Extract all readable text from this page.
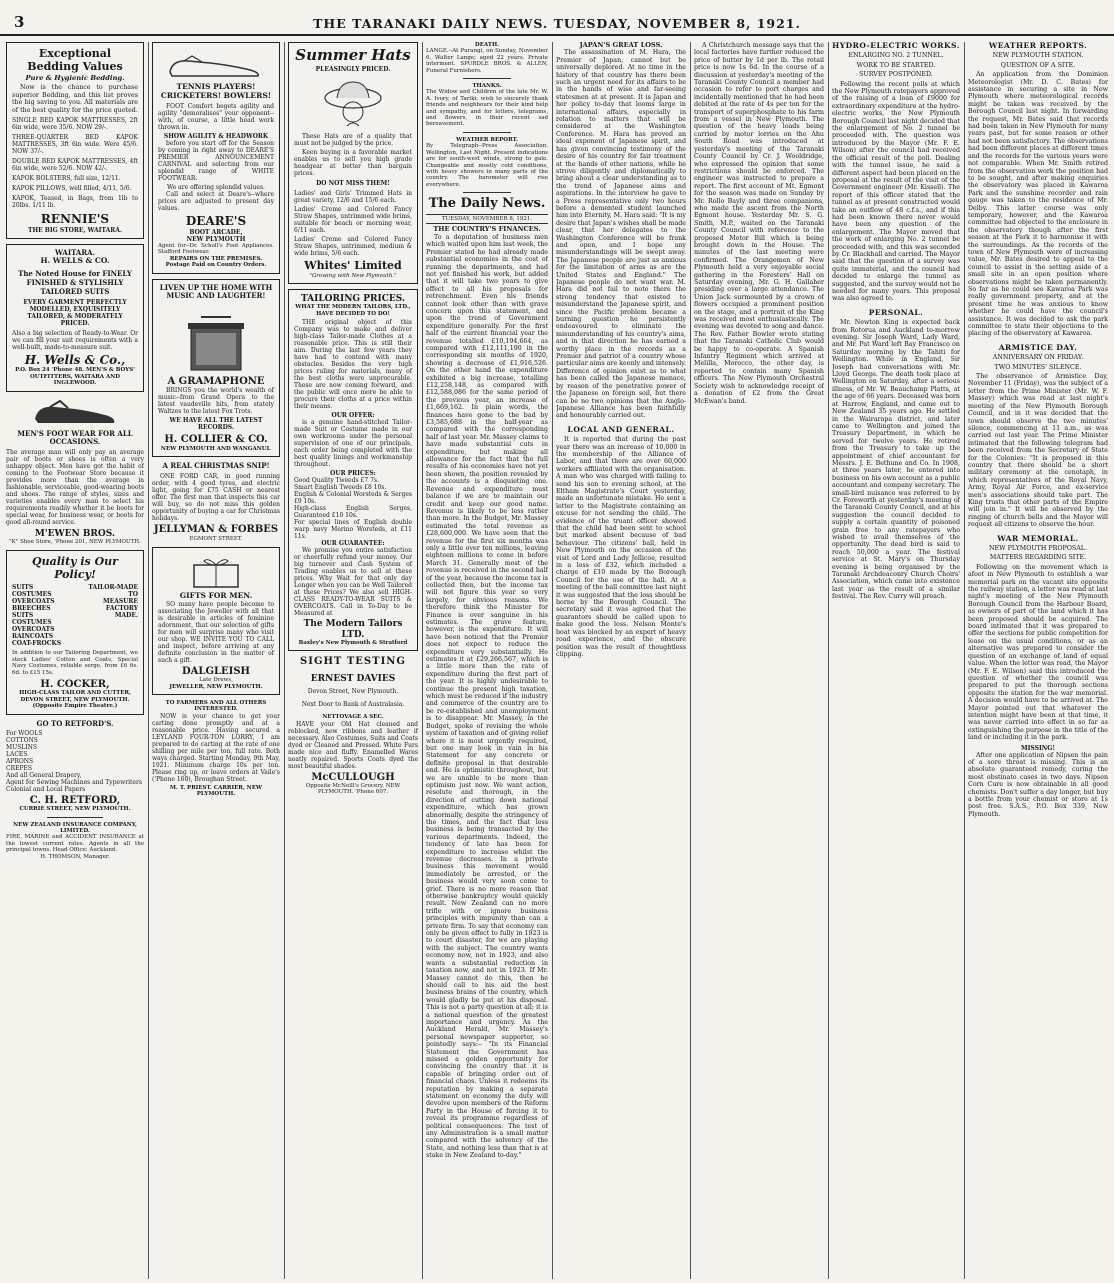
3	THE TARANAKI DAILY NEWS. TUESDAY, NOVEMBER 8, 1921.
Exceptional Bedding Values
Pure & Hygienic Bedding.
Now is the chance to purchase superior Bedding, and this list proves the big saving to you. All materials are of the best quality for the price quoted.
SINGLE BED KAPOK MATTRESSES, 2ft 6in wide, were 35/6. NOW 29/-.
THREE-QUARTER BED KAPOK MATTRESSES, 3ft 6in wide. Were 45/6. NOW 37/-.
DOUBLE BED KAPOK MATTRESSES, 4ft 6in wide, were 52/6. NOW 42/-.
KAPOK BOLSTERS, full size, 12/11.
KAPOK PILLOWS, well filled, 4/11, 5/6.
KAPOK, Teased, in Bags, from 1lb to 20lbs. 1/11 lb.
RENNIE'S
THE BIG STORE, WAITARA.
WAITARA.
H. WELLS & CO.
The Noted House for FINELY FINISHED & STYLISHLY TAILORED SUITS
EVERY GARMENT PERFECTLY MODELLED, EXQUISITELY TAILORED, & MODERATELY PRICED.
Also a big selection of Ready-to-Wear. Or we can fill your suit requirements with a well-built, made-to-measure suit.
H. Wells & Co.,
P.O. Box 24 'Phone 48. MEN'S & BOYS' OUTFITTERS, WAITARA AND INGLEWOOD.
MEN'S FOOT WEAR FOR ALL OCCASIONS.
The average man will only pay an average pair of boots or shoes is often a very unhappy object. Men have got the habit of coming to the Footwear Store because it provides more than the average in fashionable, serviceable, good-wearing boots and shoes. The range of styles, sizes and varieties enables every man to select his requirements readily whether it be boots for special wear, for business wear, or boots for good all-round service.
M'EWEN BROS.
"K" Shoe Store, 'Phone 201, NEW PLYMOUTH.
Quality is Our Policy!
SUITS
COSTUMES
OVERCOATS
BREECHES
SUITS
COSTUMES
OVERCOATS
RAINCOATS
COAT-FROCKS
TAILOR-MADE
TO
MEASURE
FACTORY
MADE.
In addition to our Tailoring Department, we stock Ladies' Cotton and Coats, Special Navy Costumes, reliable serge, from £6 6s. 6d. to £15 15s.
H. COCKER,
HIGH-CLASS TAILOR AND CUTTER, DEVON STREET, NEW PLYMOUTH. (Opposite Empire Theatre.)
GO TO RETFORD'S.
For WOOLS
COTTONS
MUSLINS
LACES
APRONS
CREPES
And all General Drapery,
Agent for Sewing Machines and Typewriters
Colonial and Local Papers
C. H. RETFORD,
CURRIE STREET, NEW PLYMOUTH.
NEW ZEALAND INSURANCE COMPANY, LIMITED.
FIRE, MARINE and ACCIDENT INSURANCE at the lowest current rates. Agents in all the principal towns. Head Office: Auckland.
H. THOMSON, Manager.
TENNIS PLAYERS! CRICKETERS! BOWLERS!
FOOT Comfort begets agility and agility "demoralises" your opponent--with, of course, a little head work thrown in.
SHOW AGILITY & HEADWORK
before you start off for the Season by coming in right away to DEARE'S PREMIER ANNOUNCEMENT CARNIVAL and selecting from our splendid range of WHITE FOOTWEAR.
We are offering splendid values.
Call and select at Deare's--where prices are adjusted to present day values.
DEARE'S
BOOT ARCADE,
NEW PLYMOUTH
Agent for--Dr. Scholl's Foot Appliances. Stafford Footwear.
REPAIRS ON THE PREMISES. Postage Paid on Country Orders.
LIVEN UP THE HOME WITH MUSIC AND LAUGHTER!
A GRAMAPHONE
BRINGS you the world's wealth of music--from Grand Opera to the latest vaudeville hits, from stately Waltzes to the latest Fox Trots.
WE HAVE ALL THE LATEST RECORDS.
H. COLLIER & CO.
NEW PLYMOUTH AND WANGANUI.
A REAL CHRISTMAS SNIP!
ONE FORD CAR, in good running order, with 4 good tyres, and electric light, going for £75 CASH or nearest offer. The first man that inspects this car will buy, so do not miss this golden opportunity of buying a car for Christmas holidays.
JELLYMAN & FORBES
EGMONT STREET.
GIFTS FOR MEN.
SO many have people become to associating the Jeweller with all that is desirable in articles of feminine adornment, that our selection of gifts for men will surprise many who visit our shop. WE INVITE YOU TO CALL and inspect, before arriving at any definite conclusion in the matter of such a gift.
DALGLEISH
Late Drews,
JEWELLER, NEW PLYMOUTH.
TO FARMERS AND ALL OTHERS INTERESTED.
NOW is your chance to get your carting done promptly and at a reasonable price. Having secured a LEYLAND FOUR-TON LORRY, I am prepared to do carting at the rate of one shilling per mile per ton, full rate. Both ways charged. Starting Monday, 9th May, 1921. Minimum charge 10s per ton. Please ring up, or leave orders at Vaile's ('Phone 160), Broughan Street.
M. T. PRIEST. CARRIER, NEW PLYMOUTH.
Summer Hats
PLEASINGLY PRICED.
These Hats are of a quality that must not be judged by the price.
Keen buying in a favorable market enables us to sell you high grade headgear at better than bargain prices.
DO NOT MISS THEM!
Ladies' and Girls' Trimmed Hats in great variety, 12/6 and 15/6 each.
Ladies' Creme and Colored Fancy Straw Shapes, untrimmed wide brims, suitable for beach or morning wear, 6/11 each.
Ladies' Creme and Colored Fancy Straw Shapes, untrimmed, medium & wide brims, 5/6 each.
Whites' Limited
"Growing with New Plymouth."
TAILORING PRICES.
WHAT THE MODERN TAILORS, LTD., HAVE DECIDED TO DO!
THE original object of this Company was to make and deliver high-class Tailor-made Clothes at a reasonable price. This is still their aim. During the last few years they have had to contend with many obstacles. Besides the very high prices ruling for materials, many of the best cloths were unprocurable. These are now coming forward, and the public will once more be able to procure their cloths at a price within their means.
OUR OFFER:
is a genuine hand-stitched Tailor-made Suit or Costume made in our own workrooms under the personal supervision of one of our principals, each order being completed with the best quality linings and workmanship throughout.
OUR PRICES:
Good Quality Tweeds £7 7s.
Smart English Tweeds £8 10s.
English & Colonial Worsteds & Serges £9 10s.
High-class English Serges, Guaranteed £10 10s.
For special lines of English double warp navy Merino Worsteds, at £11 11s.
OUR GUARANTEE:
We promise you entire satisfaction or cheerfully refund your money. Our big turnover and Cash System of Trading enables us to sell at these prices. Why Wait for that only day Longer when you can be Well Tailored at these Prices? We also sell HIGH-CLASS READY-TO-WEAR SUITS & OVERCOATS. Call in To-Day to be Measured at
The Modern Tailors LTD.
Baxley's New Plymouth & Stratford
SIGHT TESTING
ERNEST DAVIES
Devon Street, New Plymouth.
Next Door to Bank of Australasia.
NETTOVAGE A SEC.
HAVE your Old Hat cleaned and reblocked, new ribbons and leather if necessary. Also Costumes, Suits and Coats dyed or Cleaned and Pressed. White Furs made nice and fluffy. Enamelled Wares neatly repaired. Sports Coats dyed the most beautiful shades.
McCULLOUGH
Opposite McNeill's Grocery, NEW PLYMOUTH. 'Phone 607.
DEATH.
LANGE.--At Purangi, on Sunday, November 6, Walter Lange; aged 22 years. Private interment. SPURDLE BROS. & ALLEN, Funeral Furnishers.
THANKS.
The Widow and Children of the late Mr. W. A. Ivory, of Tariki, wish to sincerely thank friends and neighbours for their kind help and sympathy, and for letters, telegrams, and flowers, in their recent sad bereavement.
WEATHER REPORT.
By Telegraph--Press Association. Wellington, Last Night. Present indications are for south-west winds, strong to gale. Changeable and mostly cold conditions, with heavy showers in many parts of the country. The barometer will rise everywhere.
The Daily News.
TUESDAY, NOVEMBER 8, 1921.
THE COUNTRY'S FINANCES.
To a deputation of business men which waited upon him last week, the Premier stated he had already made substantial economies in the cost of running the departments, and had not yet finished his work, but added that it will take two years to give effect to all his proposals for retrenchment. Even his friends cannot look other than with grave concern upon this statement, and upon the trend of Government expenditure generally. For the first half of the current financial year the revenue totalled £10,194,664, as compared with £12,111,190 in the corresponding six months of 1920, showing a decrease of £1,916,526. On the other hand the expenditure exhibited a big increase, totalling £12,258,148, as compared with £12,588,086 for the same period of the previous year, an increase of £1,669,162. In plain words, the finances have gone to the bad by £3,585,688 in the half-year as compared with the corresponding half of last year. Mr. Massey claims to have made substantial cuts in expenditure, but making all allowance for the fact that the full results of his economies have not yet been shown, the position revealed by the accounts is a disquieting one. Revenue and expenditure must balance if we are to maintain our credit and keep our good name. Revenue is likely to be less rather than more. In the Budget, Mr. Massey estimated the total revenue as £28,600,000. We have seen that the revenue for the first six months was only a little over ten millions, leaving eighteen millions to come in before March 31. Generally most of the revenue is received in the second half of the year, because the income tax is collected then, but the income tax will not figure this year so very largely, for obvious reasons. We therefore think the Minister for Finance is over sanguine in his estimates. The grave feature, however, is the expenditure. It will have been noticed that the Premier does not expect to reduce the expenditure very substantially. He estimates it at £29,266,567, which is a little more than the rate of expenditure during the first part of the year. It is highly undesirable to continue the present high taxation, which must be reduced if the industry and commerce of the country are to be re-established and unemployment is to disappear. Mr. Massey, in the Budget, spoke of revising the whole system of taxation and of giving relief where it is most urgently required, but one may look in vain in his Statement for any concrete or definite proposal in that desirable end. He is optimistic throughout, but we are unable to be more than optimism just now. We want action, resolute and thorough, in the direction of cutting down national expenditure, which has grown abnormally, despite the stringency of the times, and the fact that less business is being transacted by the various departments. Indeed, the tendency of late has been for expenditure to increase whilst the revenue decreases. In a private business this movement would immediately be arrested, or the business would very soon come to grief. There is no more reason that otherwise bankruptcy would quickly result. New Zealand can no more trifle with or ignore business principles with impunity than can a private firm. To say that economy can only be given effect to fully in 1923 is to court disaster, for we are playing with the subject. The country wants economy now, not in 1923, and also wants a substantial reduction in taxation now, and not in 1923. If Mr. Massey cannot do this, then he should call to his aid the best business brains of the country, which would gladly be put at his disposal. This is not a party question at all; it is a national question of the greatest importance and urgency. As the Auckland Herald, Mr. Massey's personal newspaper supporter, so pointedly says:-- "In its Financial Statement the Government has missed a golden opportunity for convincing the country that it is capable of bringing order out of financial chaos. Unless it redeems its reputation by making a separate statement on economy the duty will devolve upon members of the Reform Party in the House of forcing it to reveal its programme regardless of political consequences. The test of any Administration is a small matter compared with the solvency of the State, and nothing less than that is at stake in New Zealand to-day."
JAPAN'S GREAT LOSS.
The assassination of M. Hara, the Premier of Japan, cannot but be universally deplored. At no time in the history of that country has there been such an urgent need for its affairs to be in the hands of wise and far-seeing statesmen at at present. It is Japan and her policy to-day that looms large in international affairs, especially in relation to matters that will be considered at the Washington Conference. M. Hara has proved an ideal exponent of Japanese spirit, and has given convincing testimony of the desire of his country for fair treatment at the hands of other nations, while he strove diligently and diplomatically to bring about a clear understanding as to the trend of Japanese aims and aspirations. In the interview he gave to a Press representative only two hours before a demented student launched him into Eternity, M. Hara said: "It is my desire that Japan's wishes shall be made clear, that her delegates to the Washington Conference will be frank and open, and I hope any misunderstandings will be swept away. The Japanese people are just as anxious for the limitation of arms as are the United States and England." The Japanese people do not want war. M. Hara did not fail to note there the strong tendency that existed to misunderstand the Japanese spirit, and since the Pacific problem became a burning question he persistently endeavoured to eliminate the misunderstanding of his country's aims, and in that direction he has earned a worthy place in the records as a Premier and patriot of a country whose particular aims are keenly and intensely. Difference of opinion exist as to what has been called the Japanese menace, by reason of the penetrative power of the Japanese on foreign soil, but there can be no two opinions that the Anglo-Japanese Alliance has been faithfully and honourably carried out.
LOCAL AND GENERAL.
It is reported that during the past year there was an increase of 10,000 in the membership of the Alliance of Labor, and that there are over 60,000 workers affiliated with the organisation. A man who was charged with failing to send his son to evening school, at the Eltham Magistrate's Court yesterday, made an unfortunate mistake. He sent a letter to the Magistrate containing an excuse for not sending the child. The evidence of the truant officer showed that the child had been sent to school but marked absent because of bad behaviour. The citizens' ball, held in New Plymouth on the occasion of the visit of Lord and Lady Jellicoe, resulted in a loss of £32, which included a charge of £10 made by the Borough Council for the use of the hall. At a meeting of the ball committee last night it was suggested that the loss should be borne by the Borough Council. The secretary said it was agreed that the guarantors should be called upon to make good the loss. Nelson Monte's boat was blocked by an expert of heavy road experience, and the obscure position was the result of thoughtless clipping.
A Christchurch message says that the local factories have further reduced the price of butter by 1d per lb. The retail price is now 1s 6d. In the course of a discussion at yesterday's meeting of the Taranaki County Council a member had occasion to refer to port charges and incidentally mentioned that he had been debited at the rate of 4s per ton for the transport of superphosphate to his farm from a vessel in New Plymouth. The question of the heavy loads being carried by motor lorries on the Ahu South Road was introduced at yesterday's meeting of the Taranaki County Council by Cr. J. Wooldridge, who expressed the opinion that some restrictions should be enforced. The engineer was instructed to prepare a report. The first account of Mt. Egmont for the season was made on Sunday by Mr. Rollo Bayly and three companions, who made the ascent from the North Egmont house. Yesterday Mr. S. G. Smith, M.P., waited on the Taranaki County Council with reference to the proposed Motor Bill which is being brought down in the House. The minutes of the last meeting were confirmed. The Orangemen of New Plymouth held a very enjoyable social gathering in the Foresters' Hall on Saturday evening, Mr. G. H. Gallaher presiding over a large attendance. The Union Jack surmounted by a crown of flowers occupied a prominent position on the stage, and a portrait of the King was received most enthusiastically. The evening was devoted to song and dance. The Rev. Father Bowler wrote stating that the Taranaki Catholic Club would be happy to co-operate. A Spanish Infantry Regiment which arrived at Melilla, Morocco, the other day, is reported to contain many Spanish officers. The New Plymouth Orchestral Society wish to acknowledge receipt of a donation of £2 from the Great McEwan's band.
HYDRO-ELECTRIC WORKS.
ENLARGING NO. 2 TUNNEL.
WORK TO BE STARTED.
SURVEY POSTPONED.
Following the recent polls at which the New Plymouth ratepayers approved of the raising of a loan of £9000 for extraordinary expenditure at the hydro-electric works, the New Plymouth Borough Council last night decided that the enlargement of No. 2 tunnel be proceeded with. The question was introduced by the Mayor (Mr. F. E. Wilson) after the council had received the official result of the poll. Dealing with the tunnel issue, he said a different aspect had been placed on the proposal at the result of the visit of the Government engineer (Mr. Kissell). The report of this officer stated that the tunnel as at present constructed would take an outflow of 48 c.f.s., and if this had been known there never would have been any question of the enlargement. The Mayor moved that the work of enlarging No. 2 tunnel be proceeded with, and this was seconded by Cr. Blackhall and carried. The Mayor said that the question of a survey was quite immaterial, and the council had decided to enlarge the tunnel as suggested, and the survey would not be needed for many years. This proposal was also agreed to.
PERSONAL.
Mr. Newton King is expected back from Rotorua and Auckland to-morrow evening. Sir Joseph Ward, Lady Ward, and Mr. Pat Ward left Bay Francisco on Saturday morning by the Tahiti for Wellington. While in England, Sir Joseph had conversations with Mr. Lloyd George. The death took place at Wellington on Saturday, after a serious illness, of Mr. W. Beauchamp Platts, at the age of 66 years. Deceased was born at Harrow, England, and came out to New Zealand 35 years ago. He settled in the Wairarapa district, and later came to Wellington and joined the Treasury Department, in which he served for twelve years. He retired from the Treasury to take up the appointment of chief accountant for Messrs. J. E. Bethune and Co. In 1908, at three years later, he entered into business on his own account as a public accountant and company secretary. The small-bird nuisance was referred to by Cr. Foreworth at yesterday's meeting of the Taranaki County Council, and at his suggestion the council decided to supply a certain quantity of poisoned grain free to any ratepayers who wished to avail themselves of the opportunity. The dead bird is said to reach 50,000 a year. The festival service at St. Mary's on Thursday evening is being organised by the Taranaki Archdeaconry Church Choirs' Association, which came into existence last year as the result of a similar festival. The Rev. Curry will preach.
WEATHER REPORTS.
NEW PLYMOUTH STATION.
QUESTION OF A SITE.
An application from the Dominion Meteorologist (Mr. D. C. Bates) for assistance in securing a site in New Plymouth where meteorological records might be taken was received by the Borough Council last night. In forwarding the request, Mr. Bates said that records had been taken in New Plymouth for many years past, but for some reason or other had not been satisfactory. The observations had been different places at different times and the records for the various years were not comparable. When Mr. Smith retired from the observation work the position had to be sought, and after making enquiries the observatory was placed in Kawaroa Park and the sunshine recorder and rain gauge was taken to the residence of Mr. Delby. This latter course was only temporary, however, and the Kawaroa committee had objected to the enclosure in the observatory though after the first season at the Park it to harmonise it with the surroundings. As the records of the town of New Plymouth were of increasing value, Mr. Bates desired to appeal to the council to assist in the setting aside of a small site in an open position where observations might be taken permanently. So far as he could see Kawaroa Park was really government property, and at the present time he was anxious to know whether he could have the council's assistance. It was decided to ask the park committee to state their objections to the placing of the observatory at Kawaroa.
ARMISTICE DAY.
ANNIVERSARY ON FRIDAY.
TWO MINUTES' SILENCE.
The observance of Armistice Day, November 11 (Friday), was the subject of a letter from the Prime Minister (Mr. W. F. Massey) which was read at last night's meeting of the New Plymouth Borough Council, and in it was decided that the town should observe the two minutes' silence, commencing at 11 a.m., as was carried out last year. The Prime Minister intimated that the following telegram had been received from the Secretary of State for the Colonies: "It is proposed in this country that there should be a short military ceremony at the cenotaph, in which representatives of the Royal Navy, Army, Royal Air Force, and ex-service men's associations should take part. The King trusts that other parts of the Empire will join in." It will be observed by the ringing of church bells and the Mayor will request all citizens to observe the hour.
WAR MEMORIAL.
NEW PLYMOUTH PROPOSAL.
MATTERS REGARDING SITE.
Following on the movement which is afoot in New Plymouth to establish a war memorial park on the vacant site opposite the railway station, a letter was read at last night's meeting of the New Plymouth Borough Council from the Harbour Board, as owners of part of the land which it has been proposed should be acquired. The board intimated that it was prepared to offer the sections for public competition for lease on the usual conditions, or as an alternative was prepared to consider the question of an exchange of land of equal value. When the letter was read, the Mayor (Mr. F. E. Wilson) said this introduced the question of whether the council was prepared to put the thorough sections opposite the station for the war memorial. A decision would have to be arrived at. The Mayor pointed out that whatever the intention might have been at that time, it was never carried into effect in so far as extinguishing the purpose in the title of the land or including it in the park.
MISSING!
After one application of Nipsen the pain of a sore throat is missing. This is an absolute guaranteed remedy, curing the most obstinate cases in two days. Nipsen Corn Cure is now obtainable in all good chemists. Don't suffer a day longer, but buy a bottle from your chemist or store at 1s post free. S.A.S., P.O. Box 339, New Plymouth.
